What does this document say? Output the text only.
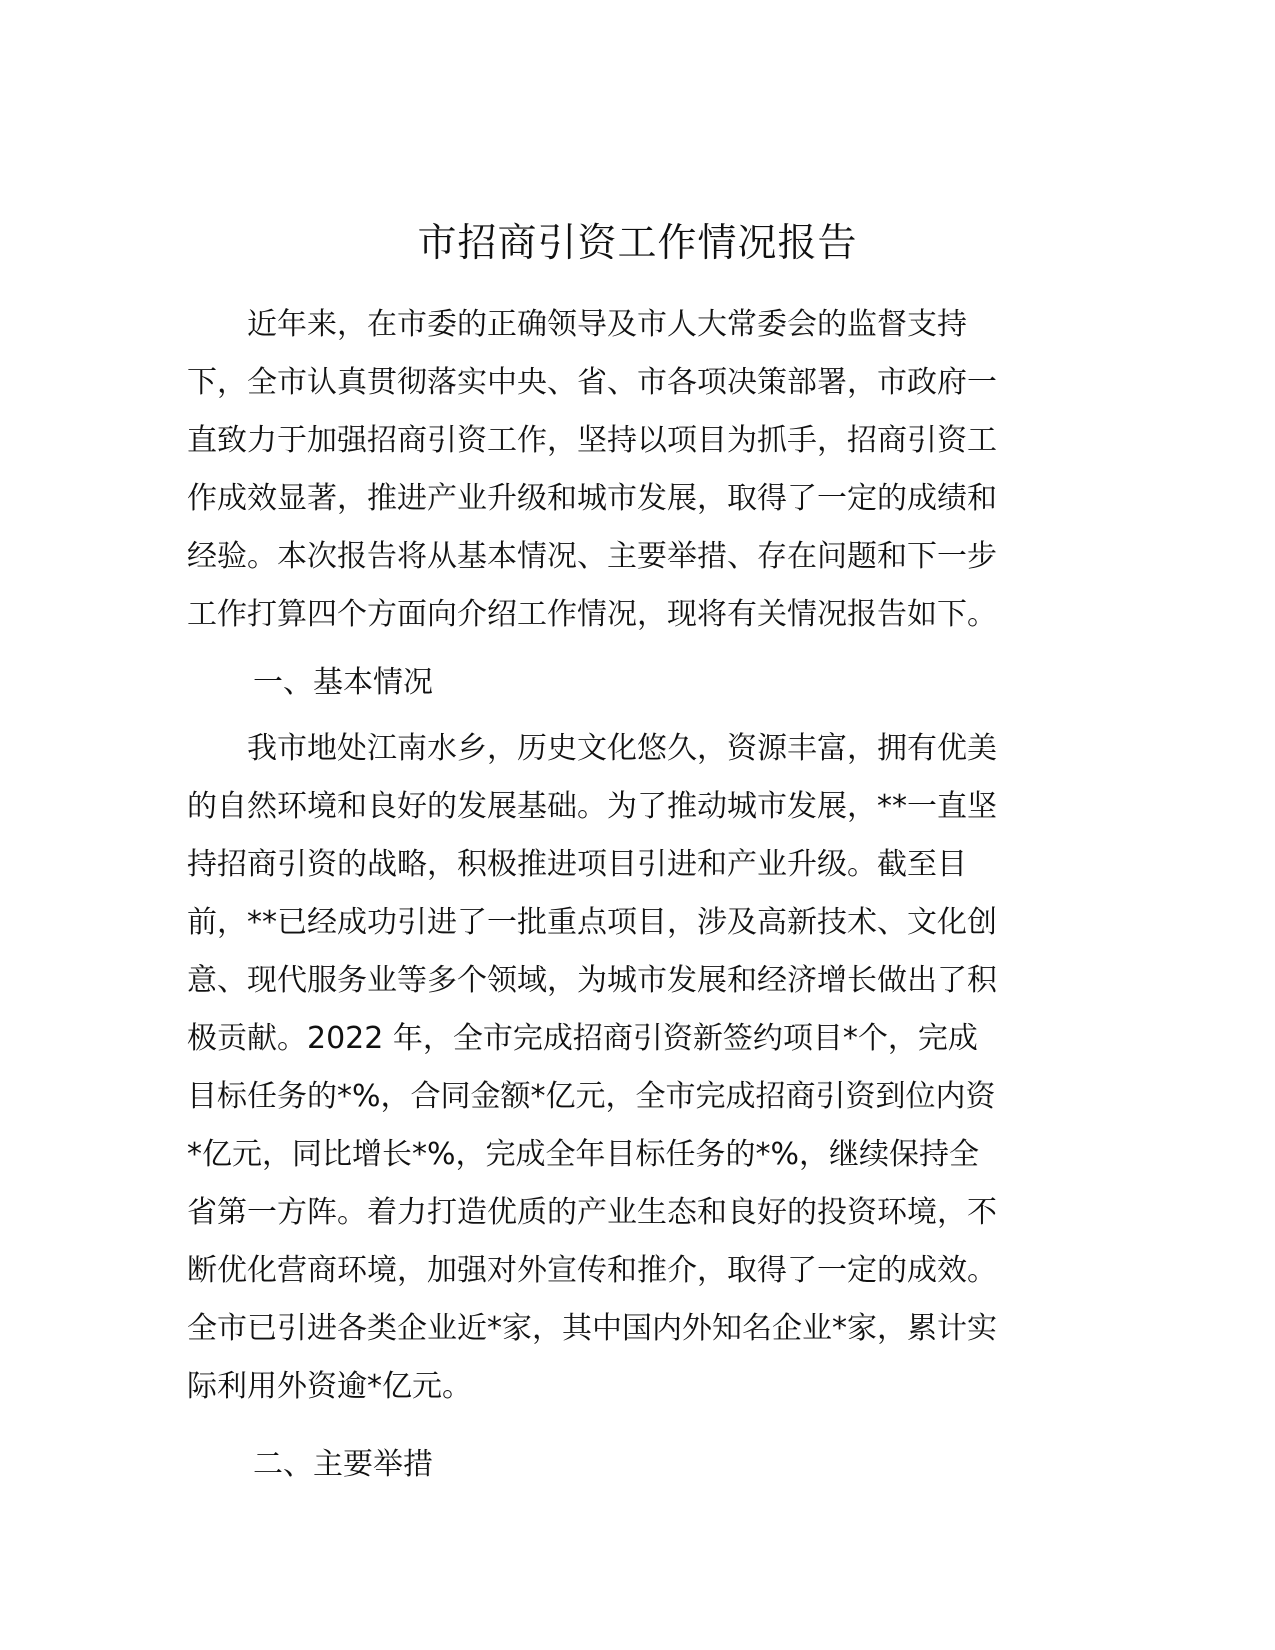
市招商引资工作情况报告

近年来，在市委的正确领导及市人大常委会的监督支持
下，全市认真贯彻落实中央、省、市各项决策部署，市政府一
直致力于加强招商引资工作，坚持以项目为抓手，招商引资工
作成效显著，推进产业升级和城市发展，取得了一定的成绩和
经验。本次报告将从基本情况、主要举措、存在问题和下一步
工作打算四个方面向介绍工作情况，现将有关情况报告如下。

一、基本情况

我市地处江南水乡，历史文化悠久，资源丰富，拥有优美
的自然环境和良好的发展基础。为了推动城市发展，**一直坚
持招商引资的战略，积极推进项目引进和产业升级。截至目
前，**已经成功引进了一批重点项目，涉及高新技术、文化创
意、现代服务业等多个领域，为城市发展和经济增长做出了积
极贡献。2022 年，全市完成招商引资新签约项目*个，完成
目标任务的*%，合同金额*亿元，全市完成招商引资到位内资
*亿元，同比增长*%，完成全年目标任务的*%，继续保持全
省第一方阵。着力打造优质的产业生态和良好的投资环境，不
断优化营商环境，加强对外宣传和推介，取得了一定的成效。
全市已引进各类企业近*家，其中国内外知名企业*家，累计实
际利用外资逾*亿元。

二、主要举措
